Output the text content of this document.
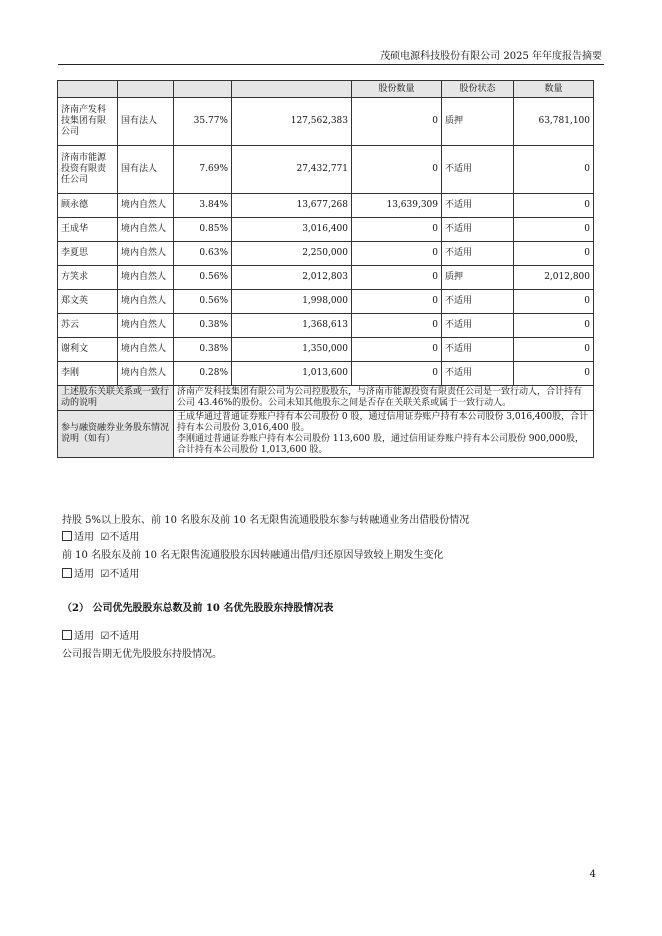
茂硕电源科技股份有限公司 2025 年年度报告摘要
				股份数量	股份状态	数量
济南产发科技集团有限公司	国有法人	35.77%	127,562,383	0	质押	63,781,100
济南市能源投资有限责任公司	国有法人	7.69%	27,432,771	0	不适用	0
顾永德	境内自然人	3.84%	13,677,268	13,639,309	不适用	0
王成华	境内自然人	0.85%	3,016,400	0	不适用	0
李夏思	境内自然人	0.63%	2,250,000	0	不适用	0
方笑求	境内自然人	0.56%	2,012,803	0	质押	2,012,800
郑文英	境内自然人	0.56%	1,998,000	0	不适用	0
苏云	境内自然人	0.38%	1,368,613	0	不适用	0
谢利文	境内自然人	0.38%	1,350,000	0	不适用	0
李刚	境内自然人	0.28%	1,013,600	0	不适用	0
上述股东关联关系或一致行动的说明		济南产发科技集团有限公司为公司控股股东，与济南市能源投资有限责任公司是一致行动人，合计持有公司 43.46%的股份。公司未知其他股东之间是否存在关联关系或属于一致行动人。				
参与融资融券业务股东情况说明（如有）		王成华通过普通证券账户持有本公司股份 0 股，通过信用证券账户持有本公司股份 3,016,400股，合计持有本公司股份 3,016,400 股。
李刚通过普通证券账户持有本公司股份 113,600 股，通过信用证券账户持有本公司股份 900,000股，合计持有本公司股份 1,013,600 股。				
持股 5%以上股东、前 10 名股东及前 10 名无限售流通股股东参与转融通业务出借股份情况
适用 ☑不适用
前 10 名股东及前 10 名无限售流通股股东因转融通出借/归还原因导致较上期发生变化
适用 ☑不适用
（2） 公司优先股股东总数及前 10 名优先股股东持股情况表
适用 ☑不适用
公司报告期无优先股股东持股情况。
4
